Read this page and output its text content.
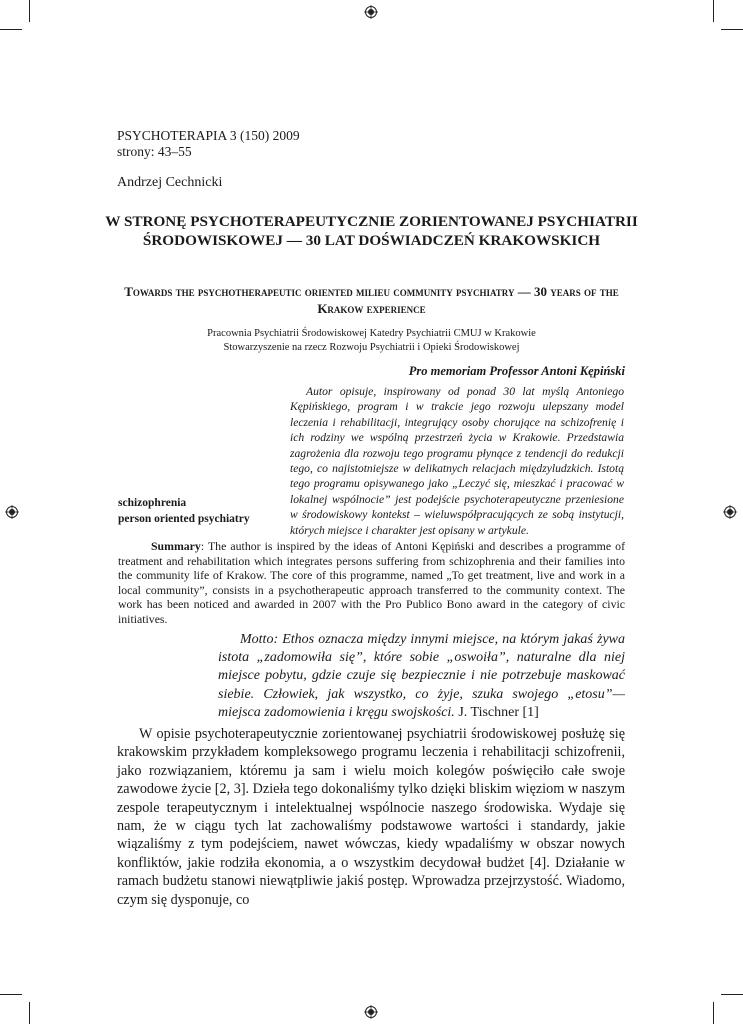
PSYCHOTERAPIA 3 (150) 2009
strony: 43–55
Andrzej Cechnicki
W STRONĘ PSYCHOTERAPEUTYCZNIE ZORIENTOWANEJ PSYCHIATRII ŚRODOWISKOWEJ — 30 LAT DOŚWIADCZEŃ KRAKOWSKICH
Towards the psychotherapeutic oriented milieu community psychiatry — 30 years of the Krakow experience
Pracownia Psychiatrii Środowiskowej Katedry Psychiatrii CMUJ w Krakowie
Stowarzyszenie na rzecz Rozwoju Psychiatrii i Opieki Środowiskowej
Pro memoriam Professor Antoni Kępiński

Autor opisuje, inspirowany od ponad 30 lat myślą Antoniego Kępińskiego, program i w trakcie jego rozwoju ulepszany model leczenia i rehabilitacji, integrujący osoby chorujące na schizofrenię i ich rodziny we wspólną przestrzeń życia w Krakowie. Przedstawia zagrożenia dla rozwoju tego programu płynące z tendencji do redukcji tego, co najistotniejsze w delikatnych relacjach międzyludzkich. Istotą tego programu opisywanego jako „Leczyć się, mieszkać i pracować w lokalnej wspólnocie” jest podejście psychoterapeutyczne przeniesione w środowiskowy kontekst – wieluwspółpracujących ze sobą instytucji, których miejsce i charakter jest opisany w artykule.

schizophrenia
person oriented psychiatry

Summary: The author is inspired by the ideas of Antoni Kępiński and describes a programme of treatment and rehabilitation which integrates persons suffering from schizophrenia and their families into the community life of Krakow. The core of this programme, named „To get treatment, live and work in a local community”, consists in a psychotherapeutic approach transferred to the community context. The work has been noticed and awarded in 2007 with the Pro Publico Bono award in the category of civic initiatives.

Motto: Ethos oznacza między innymi miejsce, na którym jakaś żywa istota „zadomowiła się”, które sobie „oswoiła”, naturalne dla niej miejsce pobytu, gdzie czuje się bezpiecznie i nie potrzebuje maskować siebie. Człowiek, jak wszystko, co żyje, szuka swojego „etosu”— miejsca zadomowienia i kręgu swojskości. J. Tischner [1]

W opisie psychoterapeutycznie zorientowanej psychiatrii środowiskowej posłużę się krakowskim przykładem kompleksowego programu leczenia i rehabilitacji schizofrenii, jako rozwiązaniem, któremu ja sam i wielu moich kolegów poświęciło całe swoje zawodowe życie [2, 3]. Dzieła tego dokonaliśmy tylko dzięki bliskim więziom w naszym zespole terapeutycznym i intelektualnej wspólnocie naszego środowiska. Wydaje się nam, że w ciągu tych lat zachowaliśmy podstawowe wartości i standardy, jakie wiązaliśmy z tym podejściem, nawet wówczas, kiedy wpadaliśmy w obszar nowych konfliktów, jakie rodziła ekonomia, a o wszystkim decydował budżet [4]. Działanie w ramach budżetu stanowi niewątpliwie jakiś postęp. Wprowadza przejrzystość. Wiadomo, czym się dysponuje, co
